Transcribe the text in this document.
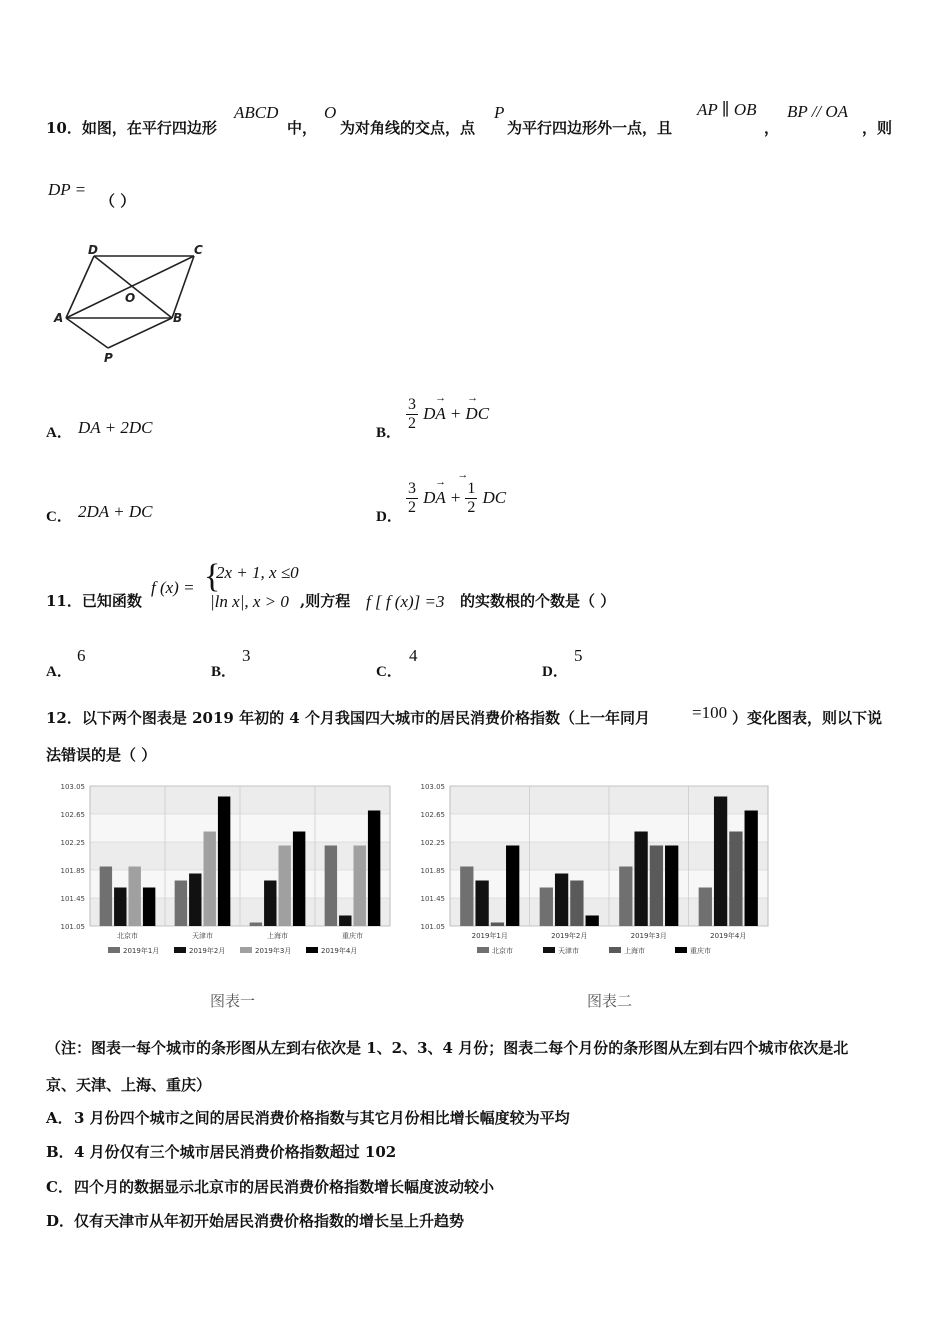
10．如图，在平行四边形
ABCD
中，
O
为对角线的交点，点
P
为平行四边形外一点，且
AP ∥ OB
，
BP // OA
，则
DP =
（ ）
D	C
A	B
O
P
A． DA + 2DC	B． $\frac{3}{2}$
→ →
DA + DC
C． 2DA + DC	D． $\frac{3}{2}$
→
DA +
→
1
2
DC
11．已知函数
f (x) = {
2x + 1, x ≤0
|ln x|, x > 0 ,则方程 f [ f (x)] =3 的实数根的个数是（ ）
A．
6
B．
3
C．
4
D．
5
12．以下两个图表是 2019 年初的 4 个月我国四大城市的居民消费价格指数（上一年同月 =100 ）变化图表，则以下说
法错误的是（ ）
103.05
102.65
102.25
101.85
101.45
101.05
北京市	天津市	上海市	重庆市
2019年1月	2019年2月	2019年3月	2019年4月
103.05
102.65
102.25
101.85
101.45
101.05
2019年1月	2019年2月	2019年3月	2019年4月
北京市	天津市	上海市	重庆市
图表一	图表二
（注：图表一每个城市的条形图从左到右依次是 1、2、3、4 月份；图表二每个月份的条形图从左到右四个城市依次是北
京、天津、上海、重庆）
A． 3 月份四个城市之间的居民消费价格指数与其它月份相比增长幅度较为平均
B． 4 月份仅有三个城市居民消费价格指数超过 102
C． 四个月的数据显示北京市的居民消费价格指数增长幅度波动较小
D． 仅有天津市从年初开始居民消费价格指数的增长呈上升趋势
